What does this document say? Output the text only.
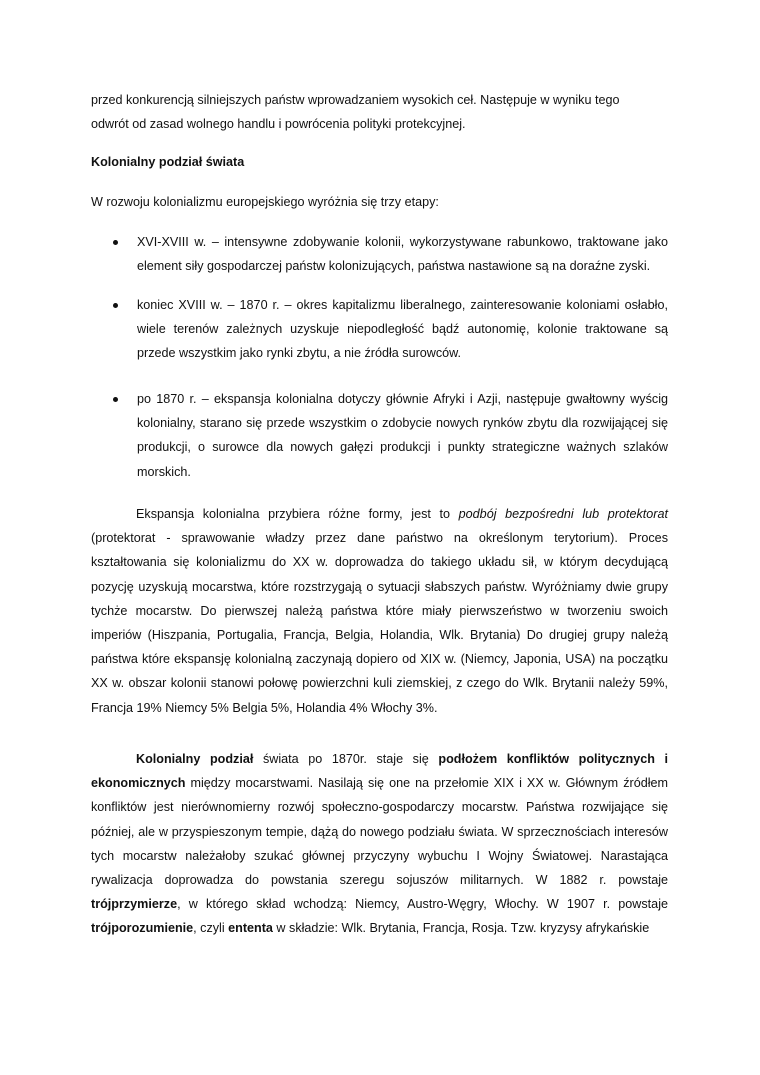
przed konkurencją silniejszych państw wprowadzaniem wysokich ceł. Następuje w wyniku tego
odwrót od zasad wolnego handlu i powrócenia polityki protekcyjnej.

Kolonialny podział świata

W rozwoju kolonializmu europejskiego wyróżnia się trzy etapy:

XVI-XVIII w. – intensywne zdobywanie kolonii, wykorzystywane rabunkowo, traktowane jako element siły gospodarczej państw kolonizujących, państwa nastawione są na doraźne zyski.
koniec XVIII w. – 1870 r. – okres kapitalizmu liberalnego, zainteresowanie koloniami osłabło, wiele terenów zależnych uzyskuje niepodległość bądź autonomię, kolonie traktowane są przede wszystkim jako rynki zbytu, a nie źródła surowców.
po 1870 r. – ekspansja kolonialna dotyczy głównie Afryki i Azji, następuje gwałtowny wyścig kolonialny, starano się przede wszystkim o zdobycie nowych rynków zbytu dla rozwijającej się produkcji, o surowce dla nowych gałęzi produkcji i punkty strategiczne ważnych szlaków morskich.

Ekspansja kolonialna przybiera różne formy, jest to podbój bezpośredni lub protektorat (protektorat - sprawowanie władzy przez dane państwo na określonym terytorium). Proces kształtowania się kolonializmu do XX w. doprowadza do takiego układu sił, w którym decydującą pozycję uzyskują mocarstwa, które rozstrzygają o sytuacji słabszych państw. Wyróżniamy dwie grupy tychże mocarstw. Do pierwszej należą państwa które miały pierwszeństwo w tworzeniu swoich imperiów (Hiszpania, Portugalia, Francja, Belgia, Holandia, Wlk. Brytania) Do drugiej grupy należą państwa które ekspansję kolonialną zaczynają dopiero od XIX w. (Niemcy, Japonia, USA) na początku XX w. obszar kolonii stanowi połowę powierzchni kuli ziemskiej, z czego do Wlk. Brytanii należy 59%, Francja 19% Niemcy 5% Belgia 5%, Holandia 4% Włochy 3%.

Kolonialny podział świata po 1870r. staje się podłożem konfliktów politycznych i ekonomicznych między mocarstwami. Nasilają się one na przełomie XIX i XX w. Głównym źródłem konfliktów jest nierównomierny rozwój społeczno-gospodarczy mocarstw. Państwa rozwijające się później, ale w przyspieszonym tempie, dążą do nowego podziału świata. W sprzecznościach interesów tych mocarstw należałoby szukać głównej przyczyny wybuchu I Wojny Światowej. Narastająca rywalizacja doprowadza do powstania szeregu sojuszów militarnych. W 1882 r. powstaje trójprzymierze, w którego skład wchodzą: Niemcy, Austro-Węgry, Włochy. W 1907 r. powstaje trójporozumienie, czyli ententa w składzie: Wlk. Brytania, Francja, Rosja. Tzw. kryzysy afrykańskie
